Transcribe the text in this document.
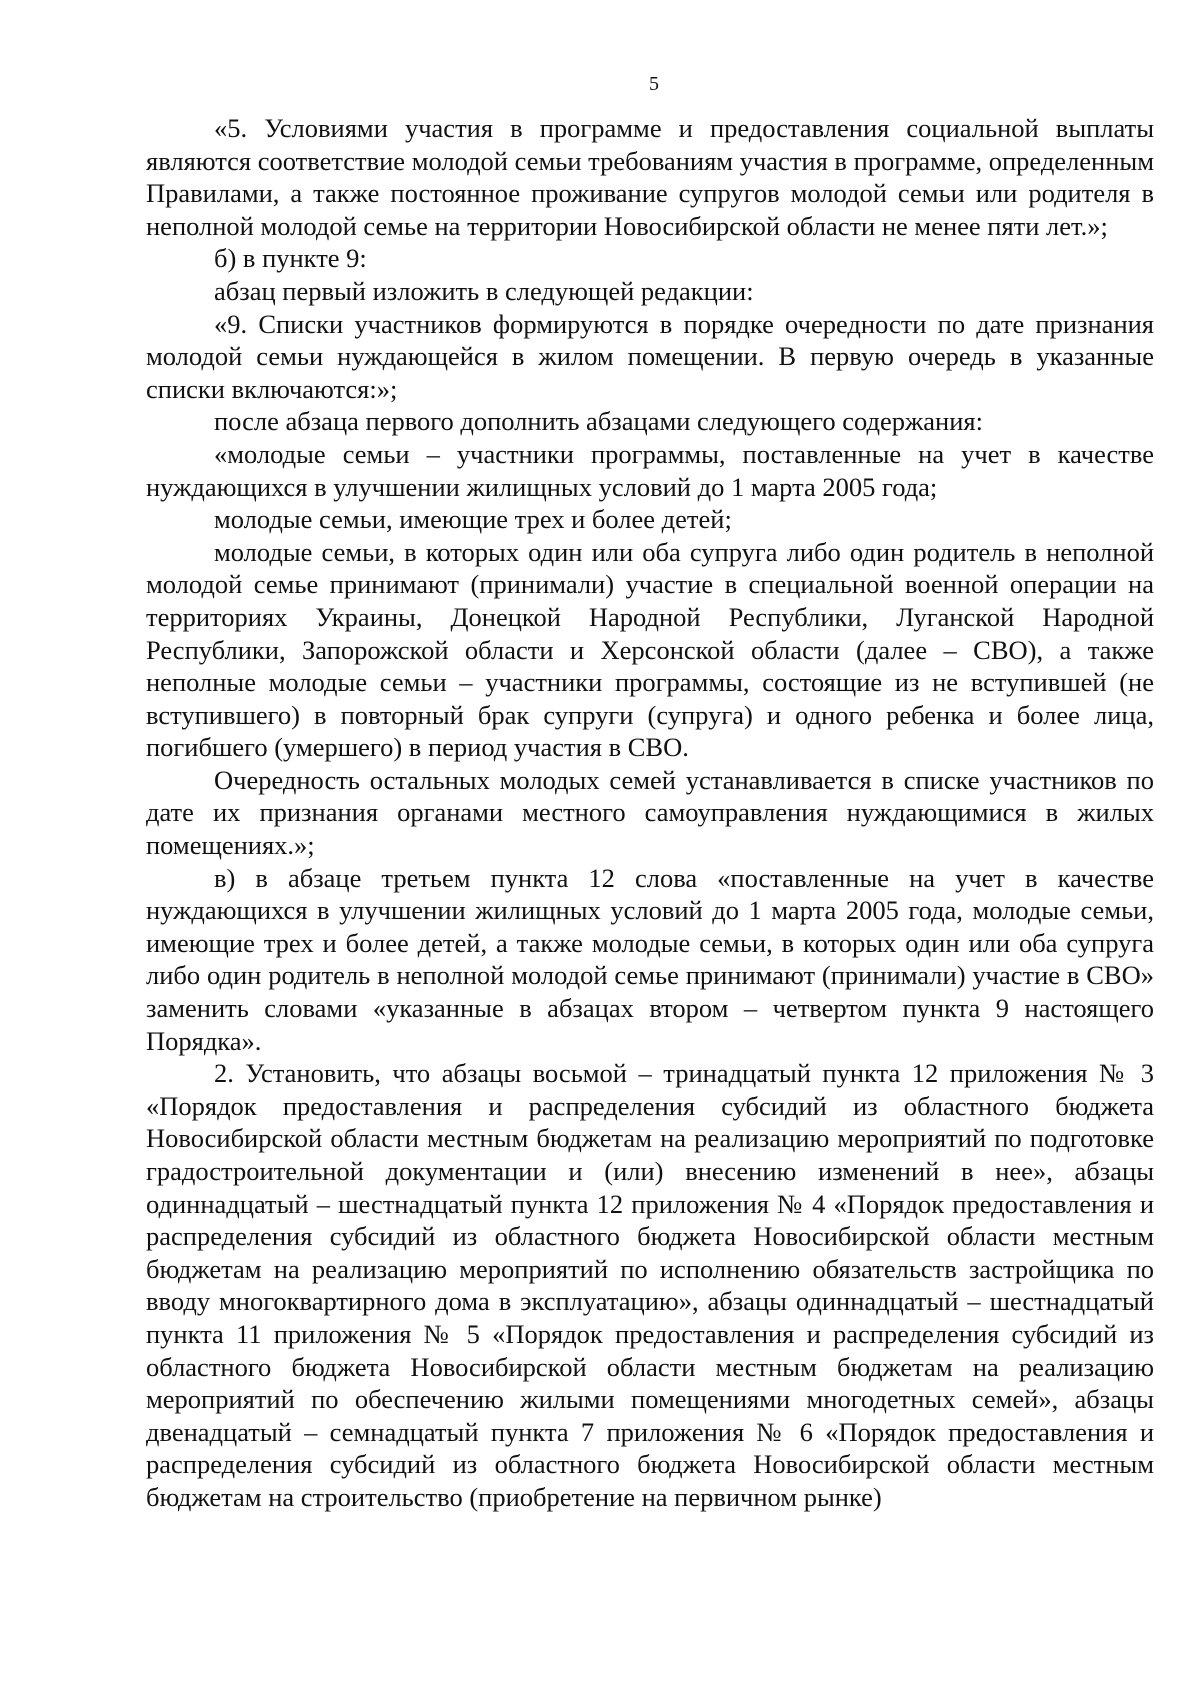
5

«5. Условиями участия в программе и предоставления социальной выплаты являются соответствие молодой семьи требованиям участия в программе, определенным Правилами, а также постоянное проживание супругов молодой семьи или родителя в неполной молодой семье на территории Новосибирской области не менее пяти лет.»;

б) в пункте 9:

абзац первый изложить в следующей редакции:

«9. Списки участников формируются в порядке очередности по дате признания молодой семьи нуждающейся в жилом помещении. В первую очередь в указанные списки включаются:»;

после абзаца первого дополнить абзацами следующего содержания:

«молодые семьи – участники программы, поставленные на учет в качестве нуждающихся в улучшении жилищных условий до 1 марта 2005 года;

молодые семьи, имеющие трех и более детей;

молодые семьи, в которых один или оба супруга либо один родитель в неполной молодой семье принимают (принимали) участие в специальной военной операции на территориях Украины, Донецкой Народной Республики, Луганской Народной Республики, Запорожской области и Херсонской области (далее – СВО), а также неполные молодые семьи – участники программы, состоящие из не вступившей (не вступившего) в повторный брак супруги (супруга) и одного ребенка и более лица, погибшего (умершего) в период участия в СВО.

Очередность остальных молодых семей устанавливается в списке участников по дате их признания органами местного самоуправления нуждающимися в жилых помещениях.»;

в) в абзаце третьем пункта 12 слова «поставленные на учет в качестве нуждающихся в улучшении жилищных условий до 1 марта 2005 года, молодые семьи, имеющие трех и более детей, а также молодые семьи, в которых один или оба супруга либо один родитель в неполной молодой семье принимают (принимали) участие в СВО» заменить словами «указанные в абзацах втором – четвертом пункта 9 настоящего Порядка».

2. Установить, что абзацы восьмой – тринадцатый пункта 12 приложения № 3 «Порядок предоставления и распределения субсидий из областного бюджета Новосибирской области местным бюджетам на реализацию мероприятий по подготовке градостроительной документации и (или) внесению изменений в нее», абзацы одиннадцатый – шестнадцатый пункта 12 приложения № 4 «Порядок предоставления и распределения субсидий из областного бюджета Новосибирской области местным бюджетам на реализацию мероприятий по исполнению обязательств застройщика по вводу многоквартирного дома в эксплуатацию», абзацы одиннадцатый – шестнадцатый пункта 11 приложения № 5 «Порядок предоставления и распределения субсидий из областного бюджета Новосибирской области местным бюджетам на реализацию мероприятий по обеспечению жилыми помещениями многодетных семей», абзацы двенадцатый – семнадцатый пункта 7 приложения № 6 «Порядок предоставления и распределения субсидий из областного бюджета Новосибирской области местным бюджетам на строительство (приобретение на первичном рынке)
